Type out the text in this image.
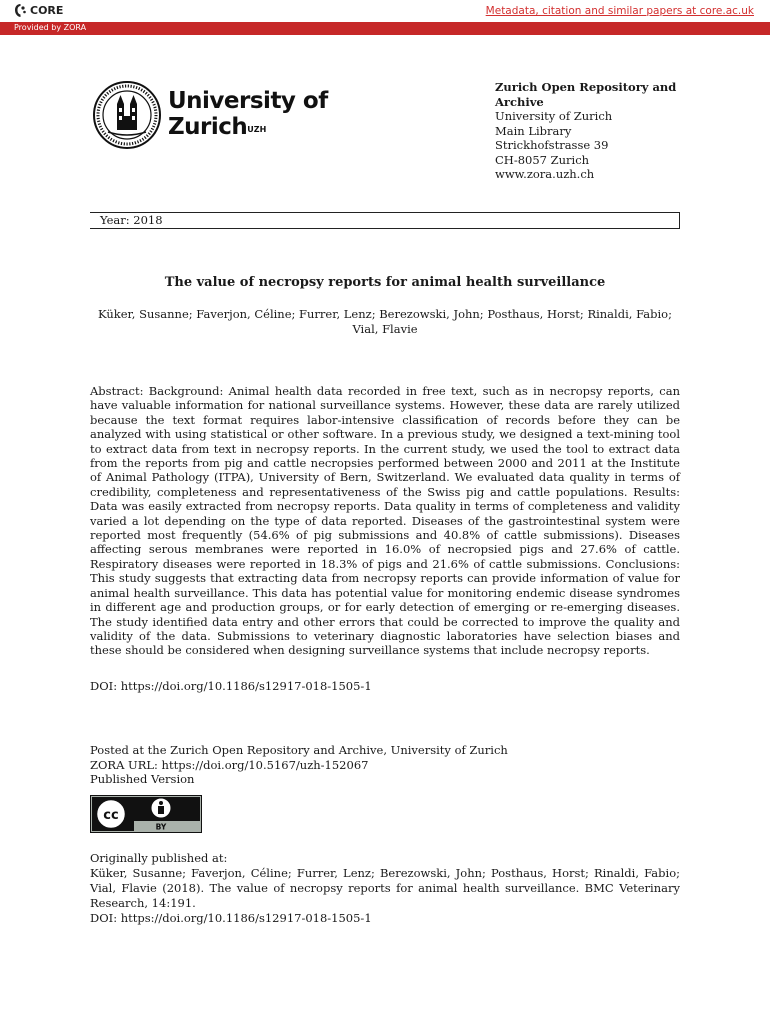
CORE	Metadata, citation and similar papers at core.ac.uk
Provided by ZORA
University of
Zurich$^{UZH}$
Zurich Open Repository and
Archive
University of Zurich
Main Library
Strickhofstrasse 39
CH-8057 Zurich
www.zora.uzh.ch
Year: 2018
The value of necropsy reports for animal health surveillance
Küker, Susanne; Faverjon, Céline; Furrer, Lenz; Berezowski, John; Posthaus, Horst; Rinaldi, Fabio; Vial, Flavie

Abstract: Background: Animal health data recorded in free text, such as in necropsy reports, can have valuable information for national surveillance systems. However, these data are rarely utilized because the text format requires labor-intensive classification of records before they can be analyzed with using statistical or other software. In a previous study, we designed a text-mining tool to extract data from text in necropsy reports. In the current study, we used the tool to extract data from the reports from pig and cattle necropsies performed between 2000 and 2011 at the Institute of Animal Pathology (ITPA), University of Bern, Switzerland. We evaluated data quality in terms of credibility, completeness and representativeness of the Swiss pig and cattle populations. Results: Data was easily extracted from necropsy reports. Data quality in terms of completeness and validity varied a lot depending on the type of data reported. Diseases of the gastrointestinal system were reported most frequently (54.6% of pig submissions and 40.8% of cattle submissions). Diseases affecting serous membranes were reported in 16.0% of necropsied pigs and 27.6% of cattle. Respiratory diseases were reported in 18.3% of pigs and 21.6% of cattle submissions. Conclusions: This study suggests that extracting data from necropsy reports can provide information of value for animal health surveillance. This data has potential value for monitoring endemic disease syndromes in different age and production groups, or for early detection of emerging or re-emerging diseases. The study identified data entry and other errors that could be corrected to improve the quality and validity of the data. Submissions to veterinary diagnostic laboratories have selection biases and these should be considered when designing surveillance systems that include necropsy reports.

DOI: https://doi.org/10.1186/s12917-018-1505-1
Posted at the Zurich Open Repository and Archive, University of Zurich
ZORA URL: https://doi.org/10.5167/uzh-152067
Published Version
cc
BY
Originally published at:
Küker, Susanne; Faverjon, Céline; Furrer, Lenz; Berezowski, John; Posthaus, Horst; Rinaldi, Fabio; Vial, Flavie (2018). The value of necropsy reports for animal health surveillance. BMC Veterinary Research, 14:191.
DOI: https://doi.org/10.1186/s12917-018-1505-1
